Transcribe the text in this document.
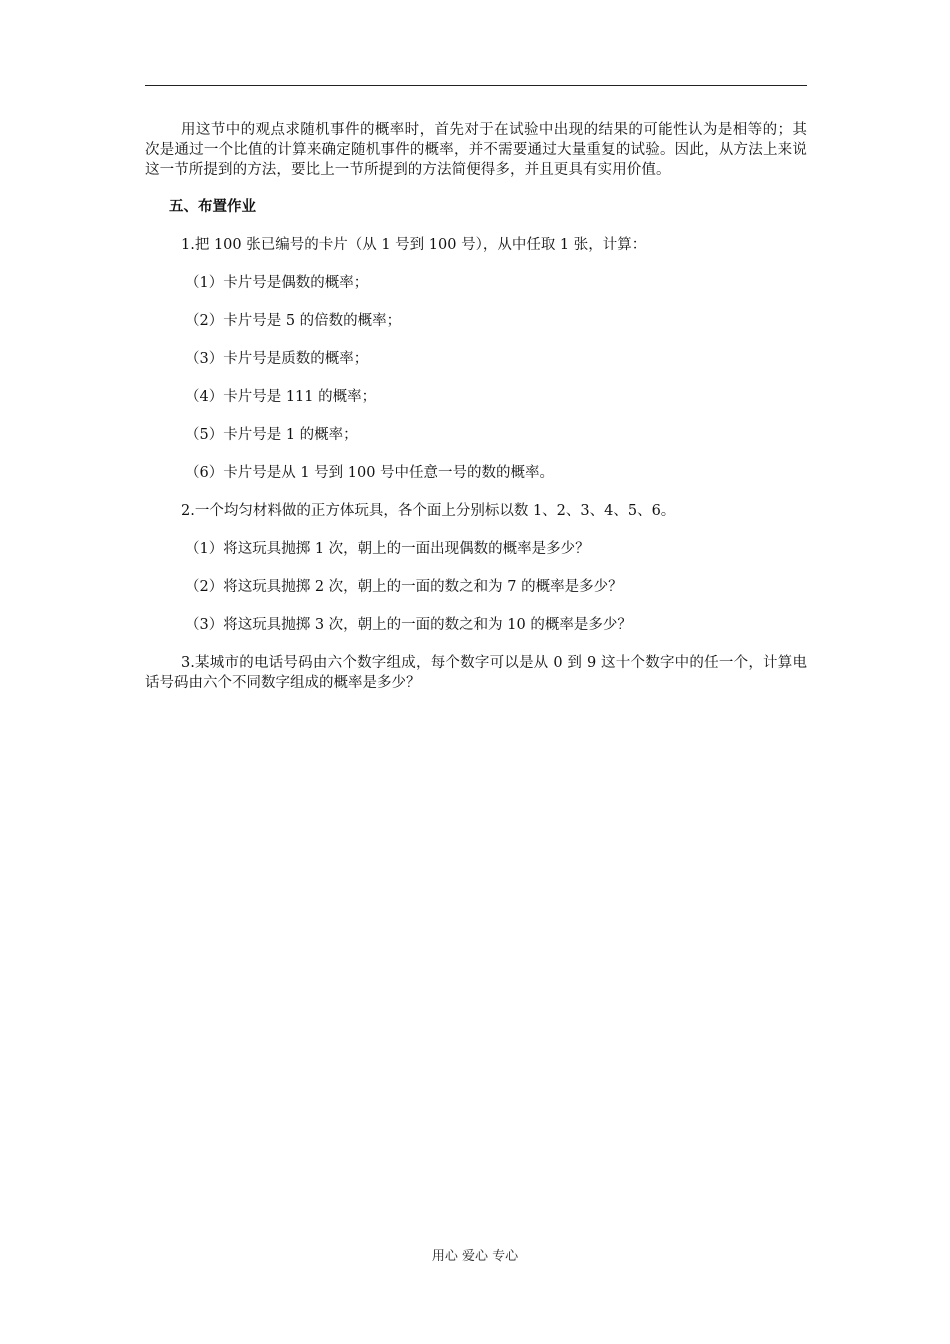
用这节中的观点求随机事件的概率时，首先对于在试验中出现的结果的可能性认为是相等的；其次是通过一个比值的计算来确定随机事件的概率，并不需要通过大量重复的试验。因此，从方法上来说这一节所提到的方法，要比上一节所提到的方法简便得多，并且更具有实用价值。

五、布置作业

1.把 100 张已编号的卡片（从 1 号到 100 号），从中任取 1 张，计算：

（1）卡片号是偶数的概率；

（2）卡片号是 5 的倍数的概率；

（3）卡片号是质数的概率；

（4）卡片号是 111 的概率；

（5）卡片号是 1 的概率；

（6）卡片号是从 1 号到 100 号中任意一号的数的概率。

2.一个均匀材料做的正方体玩具，各个面上分别标以数 1、2、3、4、5、6。

（1）将这玩具抛掷 1 次，朝上的一面出现偶数的概率是多少？

（2）将这玩具抛掷 2 次，朝上的一面的数之和为 7 的概率是多少？

（3）将这玩具抛掷 3 次，朝上的一面的数之和为 10 的概率是多少？

3.某城市的电话号码由六个数字组成，每个数字可以是从 0 到 9 这十个数字中的任一个，计算电话号码由六个不同数字组成的概率是多少？

用心 爱心 专心
